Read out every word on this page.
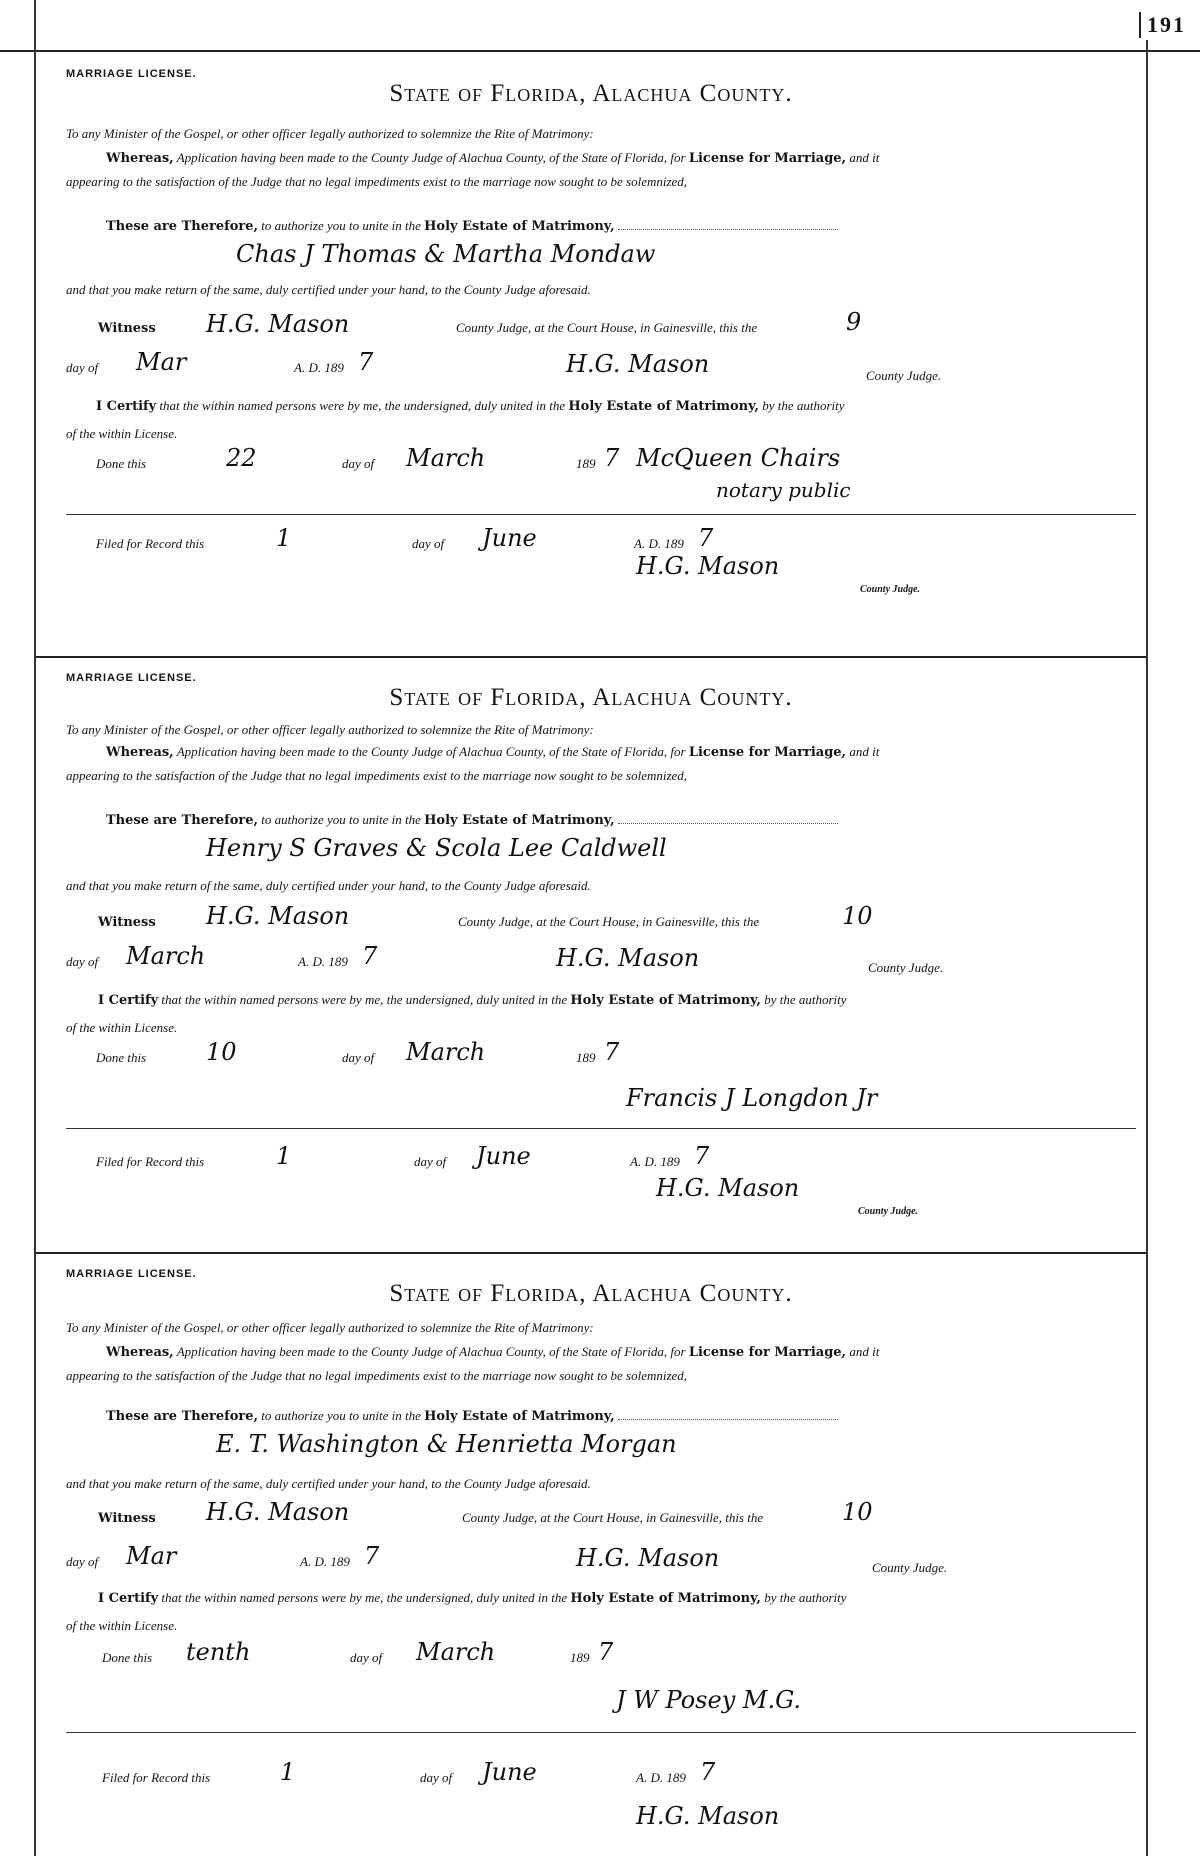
191
MARRIAGE LICENSE.
State of Florida, Alachua County.
To any Minister of the Gospel, or other officer legally authorized to solemnize the Rite of Matrimony:
Whereas, Application having been made to the County Judge of Alachua County, of the State of Florida, for License for Marriage, and it
appearing to the satisfaction of the Judge that no legal impediments exist to the marriage now sought to be solemnized,
These are Therefore, to authorize you to unite in the Holy Estate of Matrimony,
Chas J Thomas & Martha Mondaw
and that you make return of the same, duly certified under your hand, to the County Judge aforesaid.
Witness H.G. Mason	County Judge, at the Court House, in Gainesville, this the	9
day of Mar	A. D. 189 7	H.G. Mason	County Judge.
I Certify that the within named persons were by me, the undersigned, duly united in the Holy Estate of Matrimony, by the authority
of the within License.
Done this	22	day of March	189 7 McQueen Chairs
notary public
Filed for Record this	1	day of June	A. D. 189 7
H.G. Mason
County Judge.
MARRIAGE LICENSE.
State of Florida, Alachua County.
To any Minister of the Gospel, or other officer legally authorized to solemnize the Rite of Matrimony:
Whereas, Application having been made to the County Judge of Alachua County, of the State of Florida, for License for Marriage, and it
appearing to the satisfaction of the Judge that no legal impediments exist to the marriage now sought to be solemnized,
These are Therefore, to authorize you to unite in the Holy Estate of Matrimony,
Henry S Graves & Scola Lee Caldwell
and that you make return of the same, duly certified under your hand, to the County Judge aforesaid.
Witness H.G. Mason	County Judge, at the Court House, in Gainesville, this the	10
day of March	A. D. 189 7	H.G. Mason	County Judge.
I Certify that the within named persons were by me, the undersigned, duly united in the Holy Estate of Matrimony, by the authority
of the within License.
Done this 10	day of March	189 7
Francis J Longdon Jr
Filed for Record this	1	day of June	A. D. 189 7
H.G. Mason
County Judge.
MARRIAGE LICENSE.
State of Florida, Alachua County.
To any Minister of the Gospel, or other officer legally authorized to solemnize the Rite of Matrimony:
Whereas, Application having been made to the County Judge of Alachua County, of the State of Florida, for License for Marriage, and it
appearing to the satisfaction of the Judge that no legal impediments exist to the marriage now sought to be solemnized,
These are Therefore, to authorize you to unite in the Holy Estate of Matrimony,
E. T. Washington & Henrietta Morgan
and that you make return of the same, duly certified under your hand, to the County Judge aforesaid.
Witness H.G. Mason	County Judge, at the Court House, in Gainesville, this the	10
day of Mar	A. D. 189 7	H.G. Mason	County Judge.
I Certify that the within named persons were by me, the undersigned, duly united in the Holy Estate of Matrimony, by the authority
of the within License.
Done this tenth	day of March	189 7
J W Posey M.G.
Filed for Record this	1	day of June	A. D. 189 7
H.G. Mason
